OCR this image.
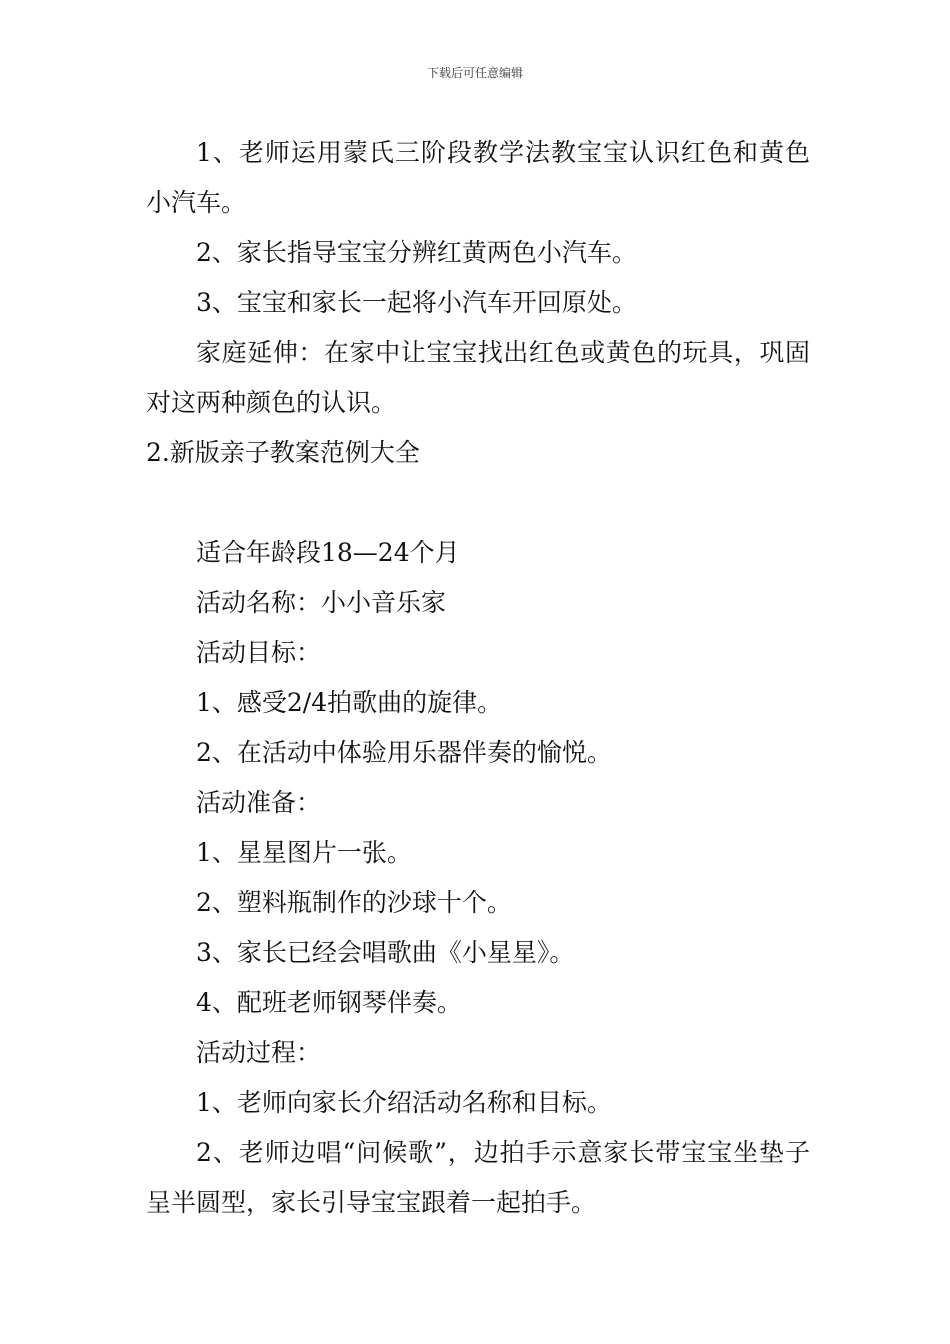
下载后可任意编辑

1、老师运用蒙氏三阶段教学法教宝宝认识红色和黄色小汽车。

2、家长指导宝宝分辨红黄两色小汽车。

3、宝宝和家长一起将小汽车开回原处。

家庭延伸：在家中让宝宝找出红色或黄色的玩具，巩固对这两种颜色的认识。

2.新版亲子教案范例大全

适合年龄段18—24个月

活动名称：小小音乐家

活动目标：

1、感受2/4拍歌曲的旋律。

2、在活动中体验用乐器伴奏的愉悦。

活动准备：

1、星星图片一张。

2、塑料瓶制作的沙球十个。

3、家长已经会唱歌曲《小星星》。

4、配班老师钢琴伴奏。

活动过程：

1、老师向家长介绍活动名称和目标。

2、老师边唱“问候歌”，边拍手示意家长带宝宝坐垫子呈半圆型，家长引导宝宝跟着一起拍手。
